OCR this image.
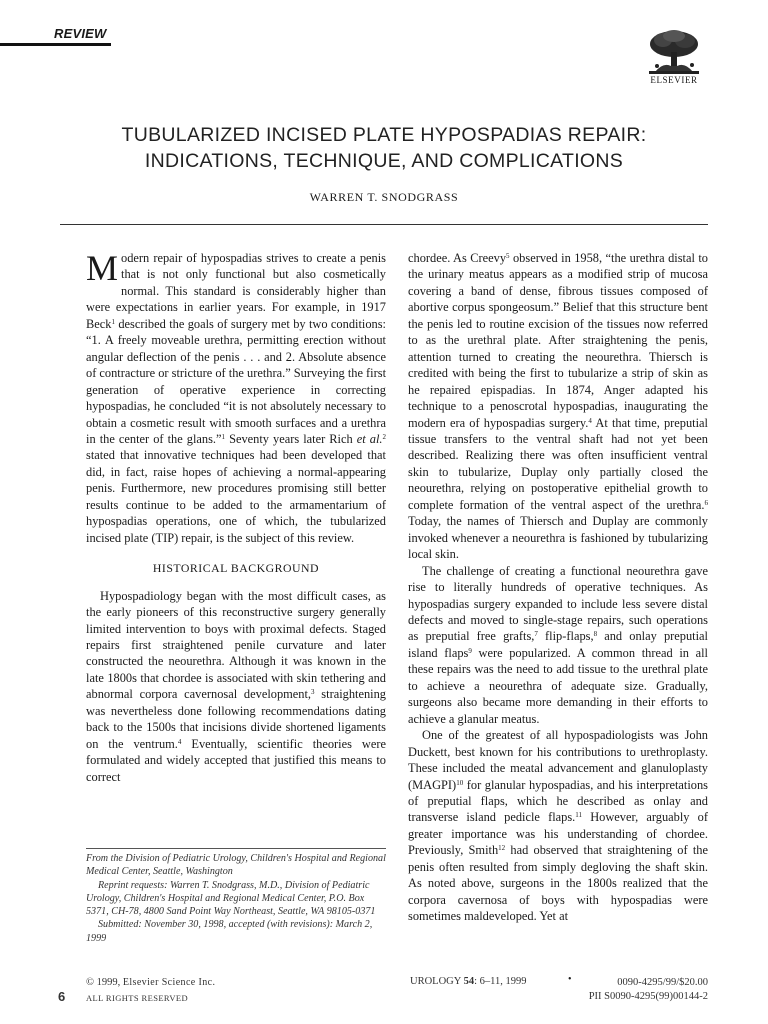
REVIEW
ELSEVIER
TUBULARIZED INCISED PLATE HYPOSPADIAS REPAIR:
INDICATIONS, TECHNIQUE, AND COMPLICATIONS
WARREN T. SNODGRASS

Modern repair of hypospadias strives to create a penis that is not only functional but also cosmetically normal. This standard is considerably higher than were expectations in earlier years. For example, in 1917 Beck$^1$ described the goals of surgery met by two conditions: “1. A freely moveable urethra, permitting erection without angular deflection of the penis . . . and 2. Absolute absence of contracture or stricture of the urethra.” Surveying the first generation of operative experience in correcting hypospadias, he concluded “it is not absolutely necessary to obtain a cosmetic result with smooth surfaces and a urethra in the center of the glans.”$^1$ Seventy years later Rich et al.$^2$ stated that innovative techniques had been developed that did, in fact, raise hopes of achieving a normal-appearing penis. Furthermore, new procedures promising still better results continue to be added to the armamentarium of hypospadias operations, one of which, the tubularized incised plate (TIP) repair, is the subject of this review.

HISTORICAL BACKGROUND

Hypospadiology began with the most difficult cases, as the early pioneers of this reconstructive surgery generally limited intervention to boys with proximal defects. Staged repairs first straightened penile curvature and later constructed the neourethra. Although it was known in the late 1800s that chordee is associated with skin tethering and abnormal corpora cavernosal development,$^3$ straightening was nevertheless done following recommendations dating back to the 1500s that incisions divide shortened ligaments on the ventrum.$^4$ Eventually, scientific theories were formulated and widely accepted that justified this means to correct

chordee. As Creevy$^5$ observed in 1958, “the urethra distal to the urinary meatus appears as a modified strip of mucosa covering a band of dense, fibrous tissues composed of abortive corpus spongeosum.” Belief that this structure bent the penis led to routine excision of the tissues now referred to as the urethral plate. After straightening the penis, attention turned to creating the neourethra. Thiersch is credited with being the first to tubularize a strip of skin as he repaired epispadias. In 1874, Anger adapted his technique to a penoscrotal hypospadias, inaugurating the modern era of hypospadias surgery.$^4$ At that time, preputial tissue transfers to the ventral shaft had not yet been described. Realizing there was often insufficient ventral skin to tubularize, Duplay only partially closed the neourethra, relying on postoperative epithelial growth to complete formation of the ventral aspect of the urethra.$^6$ Today, the names of Thiersch and Duplay are commonly invoked whenever a neourethra is fashioned by tubularizing local skin.

The challenge of creating a functional neourethra gave rise to literally hundreds of operative techniques. As hypospadias surgery expanded to include less severe distal defects and moved to single-stage repairs, such operations as preputial free grafts,$^7$ flip-flaps,$^8$ and onlay preputial island flaps$^9$ were popularized. A common thread in all these repairs was the need to add tissue to the urethral plate to achieve a neourethra of adequate size. Gradually, surgeons also became more demanding in their efforts to achieve a glanular meatus.

One of the greatest of all hypospadiologists was John Duckett, best known for his contributions to urethroplasty. These included the meatal advancement and glanuloplasty (MAGPI)$^{10}$ for glanular hypospadias, and his interpretations of preputial flaps, which he described as onlay and transverse island pedicle flaps.$^{11}$ However, arguably of greater importance was his understanding of chordee. Previously, Smith$^{12}$ had observed that straightening of the penis often resulted from simply degloving the shaft skin. As noted above, surgeons in the 1800s realized that the corpora cavernosa of boys with hypospadias were sometimes maldeveloped. Yet at

From the Division of Pediatric Urology, Children's Hospital and Regional Medical Center, Seattle, Washington

Reprint requests: Warren T. Snodgrass, M.D., Division of Pediatric Urology, Children's Hospital and Regional Medical Center, P.O. Box 5371, CH-78, 4800 Sand Point Way Northeast, Seattle, WA 98105-0371

Submitted: November 30, 1998, accepted (with revisions): March 2, 1999

© 1999, Elsevier Science Inc.
6 ALL RIGHTS RESERVED
UROLOGY 54: 6–11, 1999	•	0090-4295/99/$20.00
PII S0090-4295(99)00144-2
